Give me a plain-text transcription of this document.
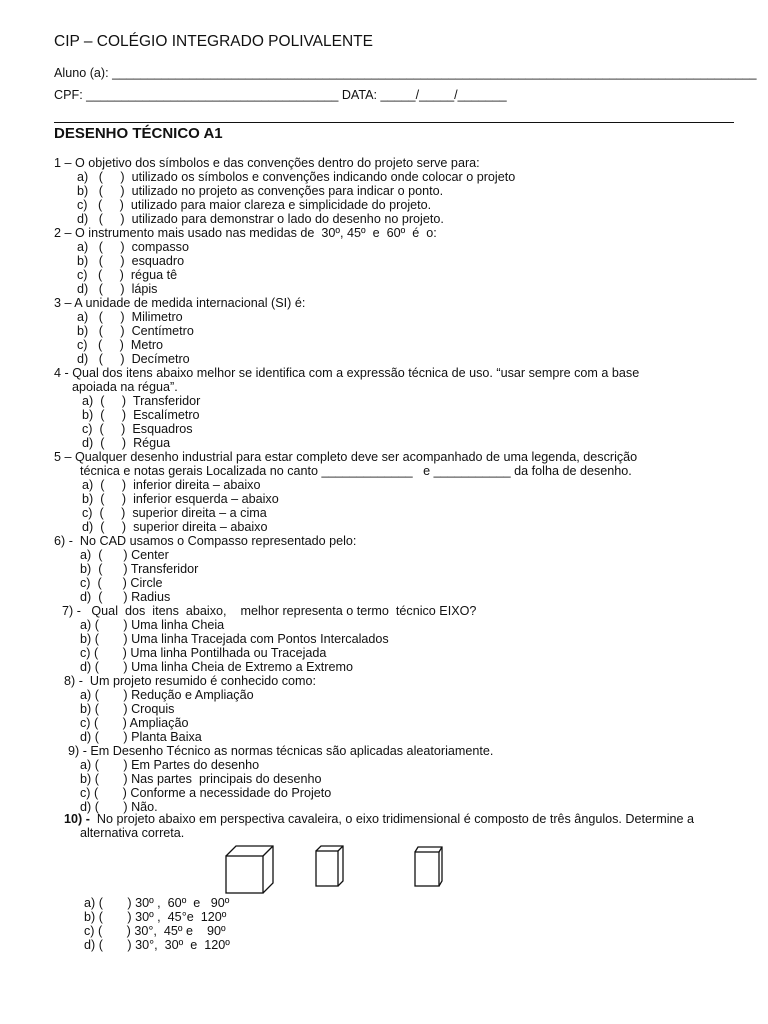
CIP – COLÉGIO INTEGRADO POLIVALENTE
Aluno (a): ____________________________________________________________________________________________
CPF: ____________________________________ DATA: _____/_____/_______
DESENHO TÉCNICO A1
1 – O objetivo dos símbolos e das convenções dentro do projeto serve para:
a)   (     )  utilizado os símbolos e convenções indicando onde colocar o projeto
b)   (     )  utilizado no projeto as convenções para indicar o ponto.
c)   (     )  utilizado para maior clareza e simplicidade do projeto.
d)   (     )  utilizado para demonstrar o lado do desenho no projeto.
2 – O instrumento mais usado nas medidas de  30º, 45º  e  60º  é  o:
a)   (     )  compasso
b)   (     )  esquadro
c)   (     )  régua tê
d)   (     )  lápis
3 – A unidade de medida internacional (SI) é:
a)   (     )  Milimetro
b)   (     )  Centímetro
c)   (     )  Metro
d)   (     )  Decímetro
4 - Qual dos itens abaixo melhor se identifica com a expressão técnica de uso. “usar sempre com a base
apoiada na régua”.
a)  (     )  Transferidor
b)  (     )  Escalímetro
c)  (     )  Esquadros
d)  (     )  Régua
5 – Qualquer desenho industrial para estar completo deve ser acompanhado de uma legenda, descrição
técnica e notas gerais Localizada no canto _____________   e ___________ da folha de desenho.
a)  (     )  inferior direita – abaixo
b)  (     )  inferior esquerda – abaixo
c)  (     )  superior direita – a cima
d)  (     )  superior direita – abaixo
6) -  No CAD usamos o Compasso representado pelo:
a)  (      ) Center
b)  (      ) Transferidor
c)  (      ) Circle
d)  (      ) Radius
7) -   Qual  dos  itens  abaixo,    melhor representa o termo  técnico EIXO?
a) (       ) Uma linha Cheia
b) (       ) Uma linha Tracejada com Pontos Intercalados
c) (       ) Uma linha Pontilhada ou Tracejada
d) (       ) Uma linha Cheia de Extremo a Extremo
8) -  Um projeto resumido é conhecido como:
a) (       ) Redução e Ampliação
b) (       ) Croquis
c) (       ) Ampliação
d) (       ) Planta Baixa
9) - Em Desenho Técnico as normas técnicas são aplicadas aleatoriamente.
a) (       ) Em Partes do desenho
b) (       ) Nas partes  principais do desenho
c) (       ) Conforme a necessidade do Projeto
d) (       ) Não.
10) -  No projeto abaixo em perspectiva cavaleira, o eixo tridimensional é composto de três ângulos. Determine a
alternativa correta.
a) (       ) 30º ,  60º  e   90º
b) (       ) 30º ,  45°e  120º
c) (       ) 30°,  45º e    90º
d) (       ) 30°,  30º  e  120º
